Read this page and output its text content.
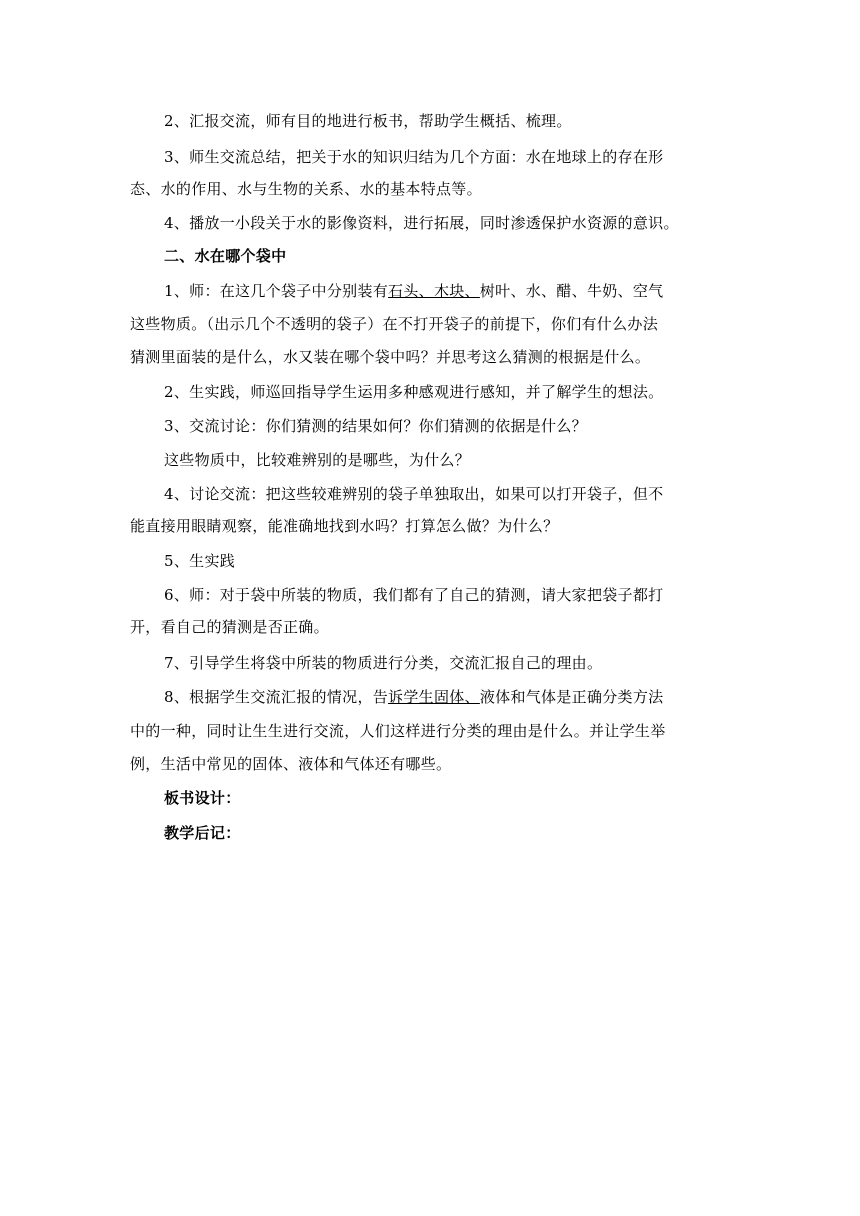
2、汇报交流，师有目的地进行板书，帮助学生概括、梳理。
3、师生交流总结，把关于水的知识归结为几个方面：水在地球上的存在形
态、水的作用、水与生物的关系、水的基本特点等。
4、播放一小段关于水的影像资料，进行拓展，同时渗透保护水资源的意识。
二、水在哪个袋中
1、师：在这几个袋子中分别装有石头、木块、树叶、水、醋、牛奶、空气
这些物质。（出示几个不透明的袋子）在不打开袋子的前提下，你们有什么办法
猜测里面装的是什么，水又装在哪个袋中吗？并思考这么猜测的根据是什么。
2、生实践，师巡回指导学生运用多种感观进行感知，并了解学生的想法。
3、交流讨论：你们猜测的结果如何？你们猜测的依据是什么？
这些物质中，比较难辨别的是哪些，为什么？
4、讨论交流：把这些较难辨别的袋子单独取出，如果可以打开袋子，但不
能直接用眼睛观察，能准确地找到水吗？打算怎么做？为什么？
5、生实践
6、师：对于袋中所装的物质，我们都有了自己的猜测，请大家把袋子都打
开，看自己的猜测是否正确。
7、引导学生将袋中所装的物质进行分类，交流汇报自己的理由。
8、根据学生交流汇报的情况，告诉学生固体、液体和气体是正确分类方法
中的一种，同时让生生进行交流，人们这样进行分类的理由是什么。并让学生举
例，生活中常见的固体、液体和气体还有哪些。
板书设计：
教学后记：
